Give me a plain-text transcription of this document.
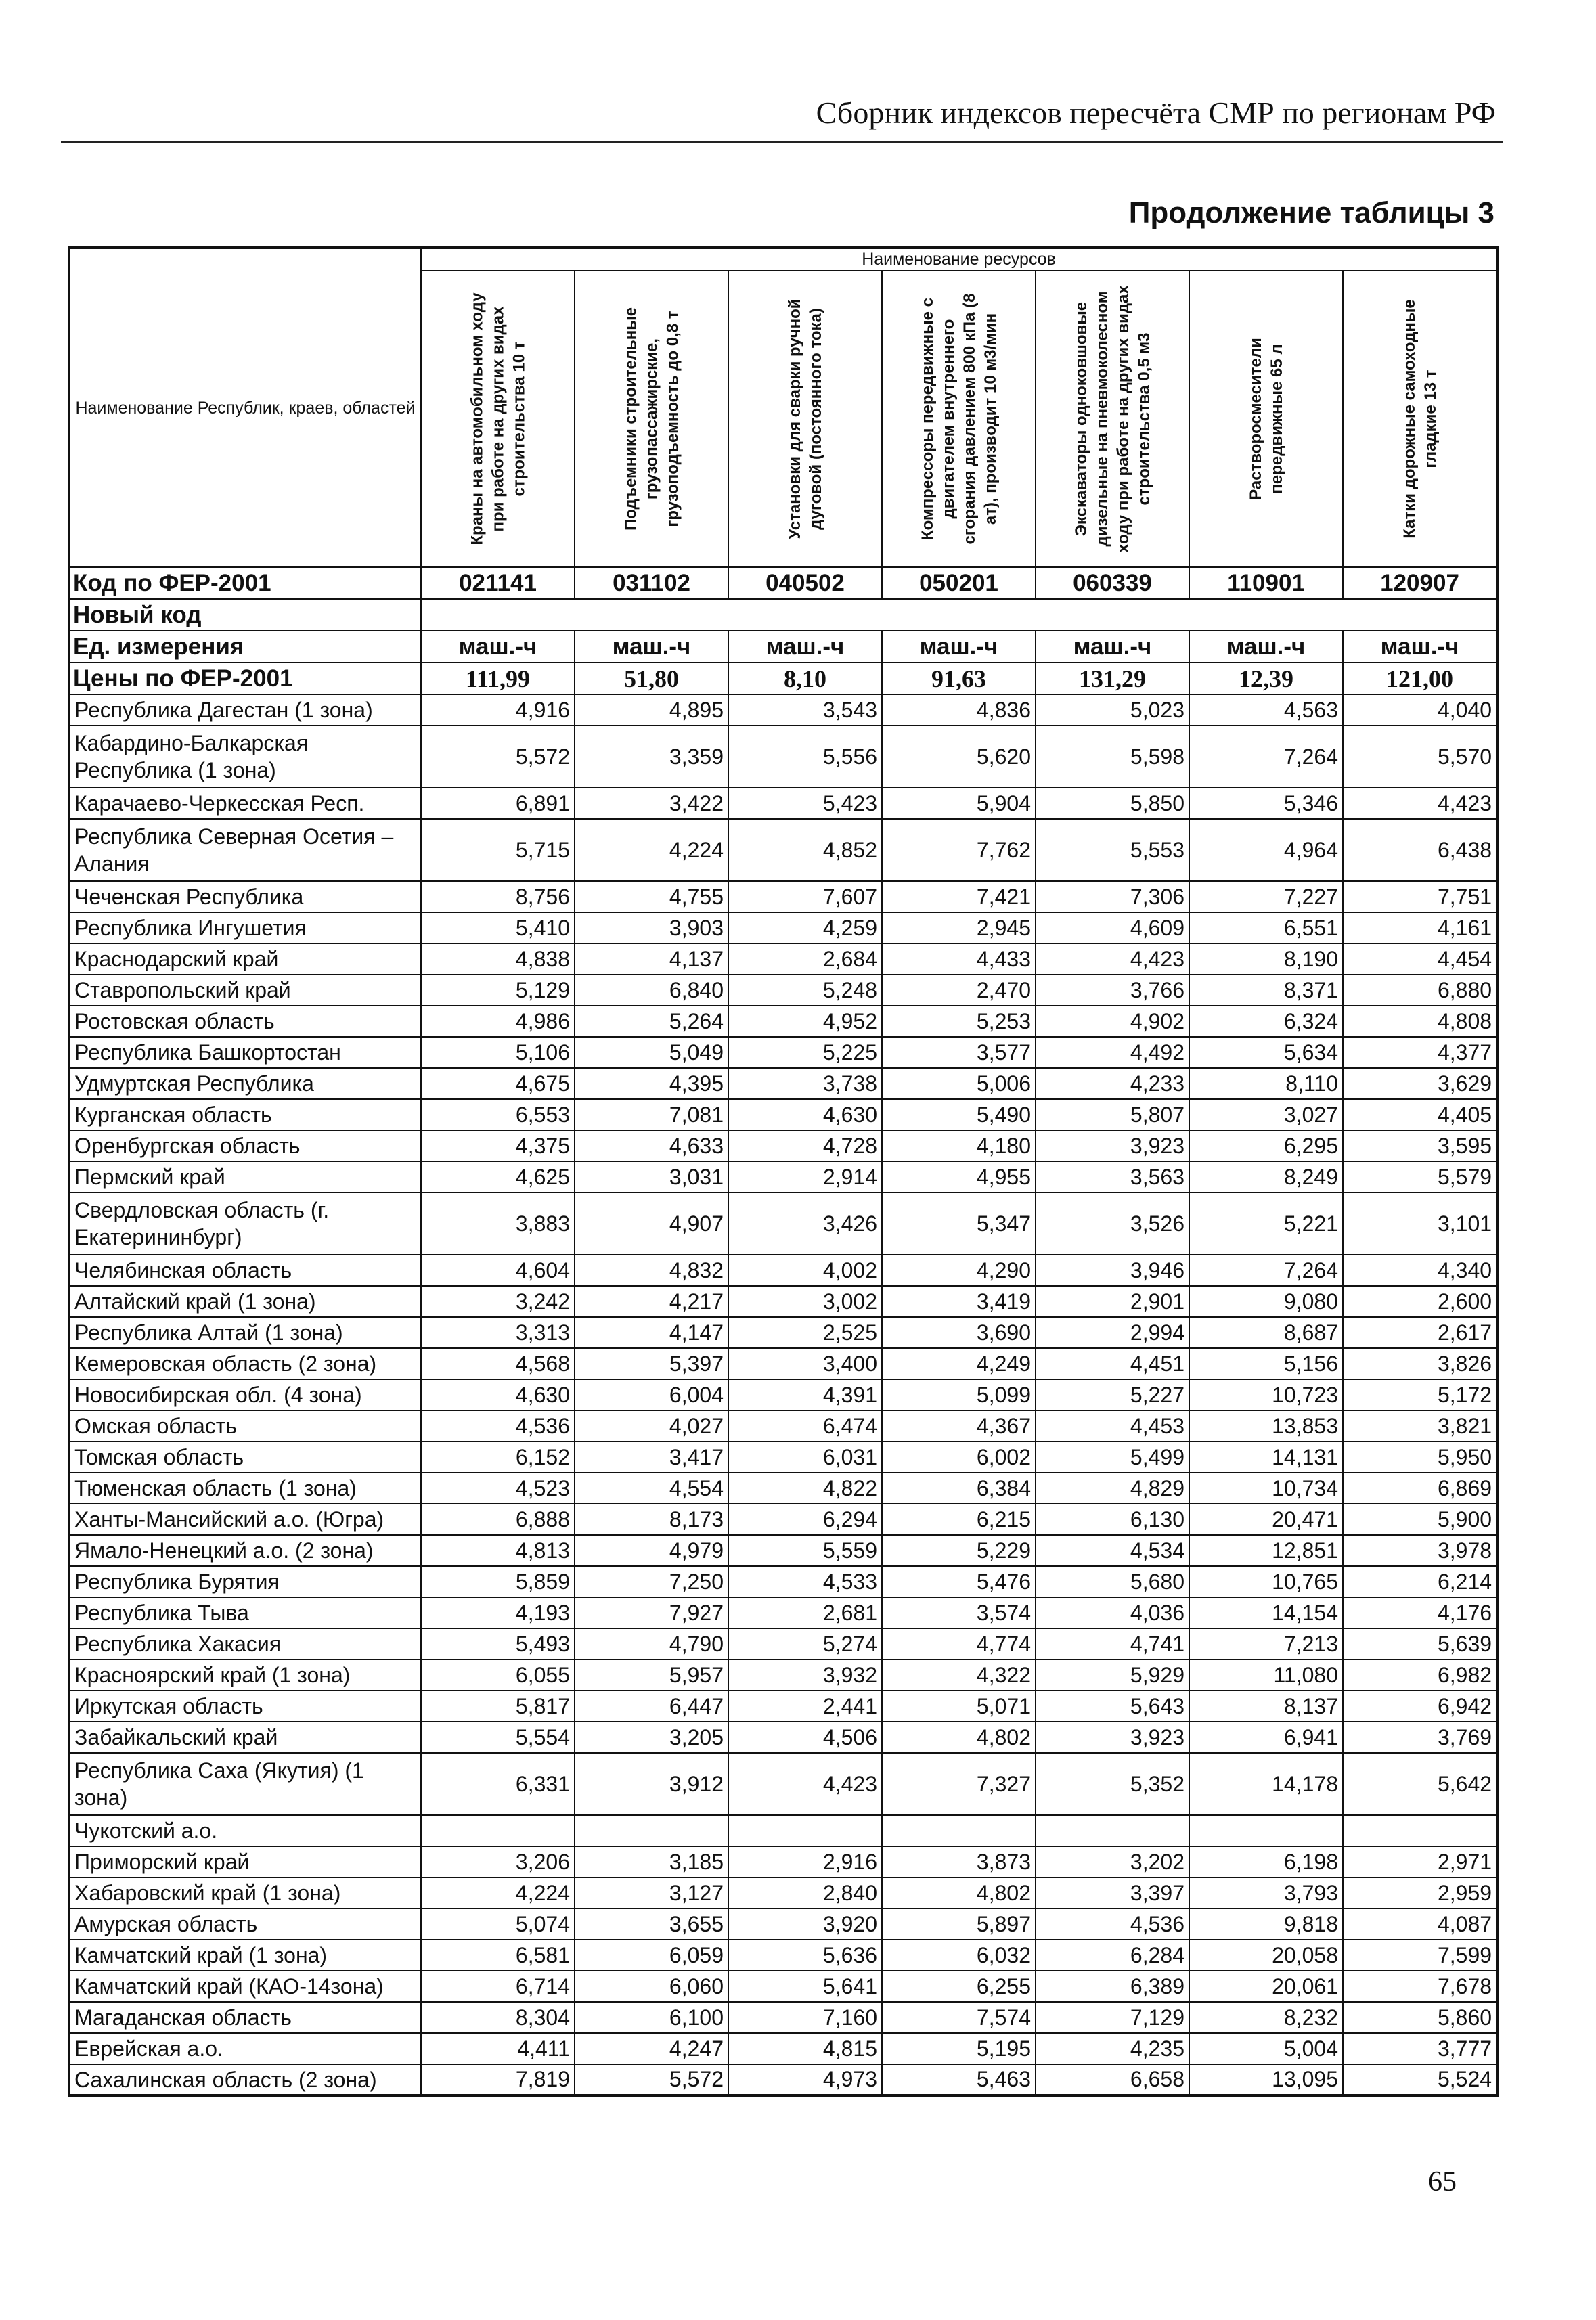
Сборник индексов пересчёта СМР по регионам РФ
Продолжение таблицы 3
Наименование Республик, краев, областей	Наименование ресурсов						

	Краны на автомобильном ходу при работе на других видах строительства 10 т	Подъемники строительные грузопассажирские, грузоподъемность до 0,8 т	Установки для сварки ручной дуговой (постоянного тока)	Компрессоры передвижные с двигателем внутреннего сгорания давлением 800 кПа (8 ат), производит 10 м3/мин	Экскаваторы одноковшовые дизельные на пневмоколесном ходу при работе на других видах строительства 0,5 м3	Растворосмесители передвижные 65 л	Катки дорожные самоходные гладкие 13 т

Код по ФЕР-2001	021141	031102	040502	050201	060339	110901	120907
Новый код							
Ед. измерения	маш.-ч	маш.-ч	маш.-ч	маш.-ч	маш.-ч	маш.-ч	маш.-ч
Цены по ФЕР-2001	111,99	51,80	8,10	91,63	131,29	12,39	121,00
Республика Дагестан (1 зона)	4,916	4,895	3,543	4,836	5,023	4,563	4,040
Кабардино-Балкарская Республика (1 зона)	5,572	3,359	5,556	5,620	5,598	7,264	5,570
Карачаево-Черкесская Респ.	6,891	3,422	5,423	5,904	5,850	5,346	4,423
Республика Северная Осетия – Алания	5,715	4,224	4,852	7,762	5,553	4,964	6,438
Чеченская Республика	8,756	4,755	7,607	7,421	7,306	7,227	7,751
Республика Ингушетия	5,410	3,903	4,259	2,945	4,609	6,551	4,161
Краснодарский край	4,838	4,137	2,684	4,433	4,423	8,190	4,454
Ставропольский край	5,129	6,840	5,248	2,470	3,766	8,371	6,880
Ростовская область	4,986	5,264	4,952	5,253	4,902	6,324	4,808
Республика Башкортостан	5,106	5,049	5,225	3,577	4,492	5,634	4,377
Удмуртская Республика	4,675	4,395	3,738	5,006	4,233	8,110	3,629
Курганская область	6,553	7,081	4,630	5,490	5,807	3,027	4,405
Оренбургская область	4,375	4,633	4,728	4,180	3,923	6,295	3,595
Пермский край	4,625	3,031	2,914	4,955	3,563	8,249	5,579
Свердловская область (г. Екатерининбург)	3,883	4,907	3,426	5,347	3,526	5,221	3,101
Челябинская область	4,604	4,832	4,002	4,290	3,946	7,264	4,340
Алтайский край (1 зона)	3,242	4,217	3,002	3,419	2,901	9,080	2,600
Республика Алтай (1 зона)	3,313	4,147	2,525	3,690	2,994	8,687	2,617
Кемеровская область (2 зона)	4,568	5,397	3,400	4,249	4,451	5,156	3,826
Новосибирская обл. (4 зона)	4,630	6,004	4,391	5,099	5,227	10,723	5,172
Омская область	4,536	4,027	6,474	4,367	4,453	13,853	3,821
Томская область	6,152	3,417	6,031	6,002	5,499	14,131	5,950
Тюменская область (1 зона)	4,523	4,554	4,822	6,384	4,829	10,734	6,869
Ханты-Мансийский а.о. (Югра)	6,888	8,173	6,294	6,215	6,130	20,471	5,900
Ямало-Ненецкий а.о. (2 зона)	4,813	4,979	5,559	5,229	4,534	12,851	3,978
Республика Бурятия	5,859	7,250	4,533	5,476	5,680	10,765	6,214
Республика Тыва	4,193	7,927	2,681	3,574	4,036	14,154	4,176
Республика Хакасия	5,493	4,790	5,274	4,774	4,741	7,213	5,639
Красноярский край (1 зона)	6,055	5,957	3,932	4,322	5,929	11,080	6,982
Иркутская область	5,817	6,447	2,441	5,071	5,643	8,137	6,942
Забайкальский край	5,554	3,205	4,506	4,802	3,923	6,941	3,769
Республика Саха (Якутия) (1 зона)	6,331	3,912	4,423	7,327	5,352	14,178	5,642
Чукотский а.о.							
Приморский край	3,206	3,185	2,916	3,873	3,202	6,198	2,971
Хабаровский край (1 зона)	4,224	3,127	2,840	4,802	3,397	3,793	2,959
Амурская область	5,074	3,655	3,920	5,897	4,536	9,818	4,087
Камчатский край (1 зона)	6,581	6,059	5,636	6,032	6,284	20,058	7,599
Камчатский край (КАО-14зона)	6,714	6,060	5,641	6,255	6,389	20,061	7,678
Магаданская область	8,304	6,100	7,160	7,574	7,129	8,232	5,860
Еврейская а.о.	4,411	4,247	4,815	5,195	4,235	5,004	3,777
Сахалинская область (2 зона)	7,819	5,572	4,973	5,463	6,658	13,095	5,524
65
